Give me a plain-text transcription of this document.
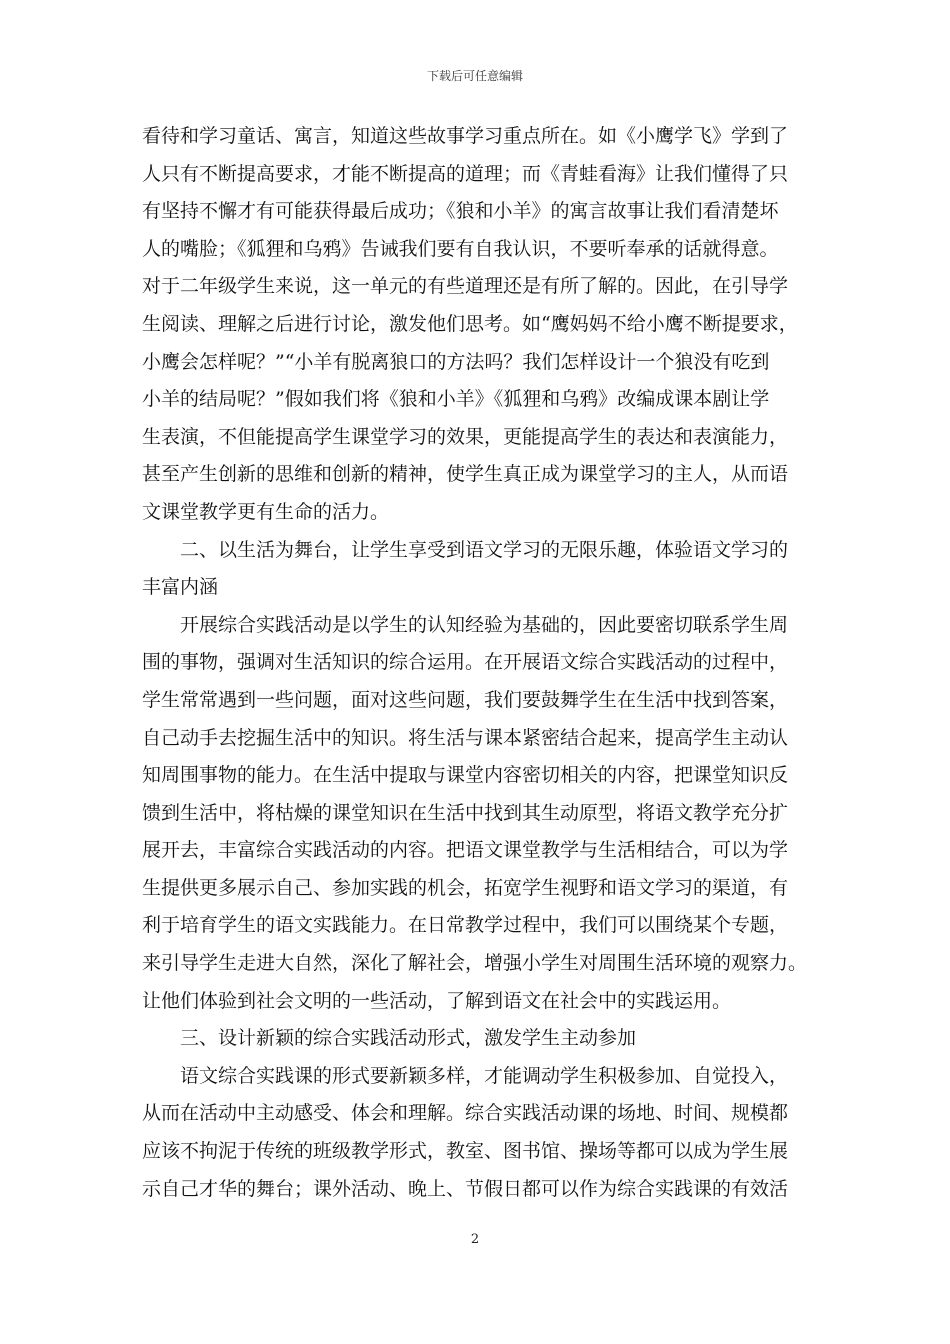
下载后可任意编辑
看待和学习童话、寓言，知道这些故事学习重点所在。如《小鹰学飞》学到了
人只有不断提高要求，才能不断提高的道理；而《青蛙看海》让我们懂得了只
有坚持不懈才有可能获得最后成功；《狼和小羊》的寓言故事让我们看清楚坏
人的嘴脸；《狐狸和乌鸦》告诫我们要有自我认识，不要听奉承的话就得意。
对于二年级学生来说，这一单元的有些道理还是有所了解的。因此，在引导学
生阅读、理解之后进行讨论，激发他们思考。如“鹰妈妈不给小鹰不断提要求，
小鹰会怎样呢？”“小羊有脱离狼口的方法吗？我们怎样设计一个狼没有吃到
小羊的结局呢？”假如我们将《狼和小羊》《狐狸和乌鸦》改编成课本剧让学
生表演，不但能提高学生课堂学习的效果，更能提高学生的表达和表演能力，
甚至产生创新的思维和创新的精神，使学生真正成为课堂学习的主人，从而语
文课堂教学更有生命的活力。
　　二、以生活为舞台，让学生享受到语文学习的无限乐趣，体验语文学习的
丰富内涵
　　开展综合实践活动是以学生的认知经验为基础的，因此要密切联系学生周
围的事物，强调对生活知识的综合运用。在开展语文综合实践活动的过程中，
学生常常遇到一些问题，面对这些问题，我们要鼓舞学生在生活中找到答案，
自己动手去挖掘生活中的知识。将生活与课本紧密结合起来，提高学生主动认
知周围事物的能力。在生活中提取与课堂内容密切相关的内容，把课堂知识反
馈到生活中，将枯燥的课堂知识在生活中找到其生动原型，将语文教学充分扩
展开去，丰富综合实践活动的内容。把语文课堂教学与生活相结合，可以为学
生提供更多展示自己、参加实践的机会，拓宽学生视野和语文学习的渠道，有
利于培育学生的语文实践能力。在日常教学过程中，我们可以围绕某个专题，
来引导学生走进大自然，深化了解社会，增强小学生对周围生活环境的观察力。
让他们体验到社会文明的一些活动，了解到语文在社会中的实践运用。
　　三、设计新颖的综合实践活动形式，激发学生主动参加
　　语文综合实践课的形式要新颖多样，才能调动学生积极参加、自觉投入，
从而在活动中主动感受、体会和理解。综合实践活动课的场地、时间、规模都
应该不拘泥于传统的班级教学形式，教室、图书馆、操场等都可以成为学生展
示自己才华的舞台；课外活动、晚上、节假日都可以作为综合实践课的有效活
2
